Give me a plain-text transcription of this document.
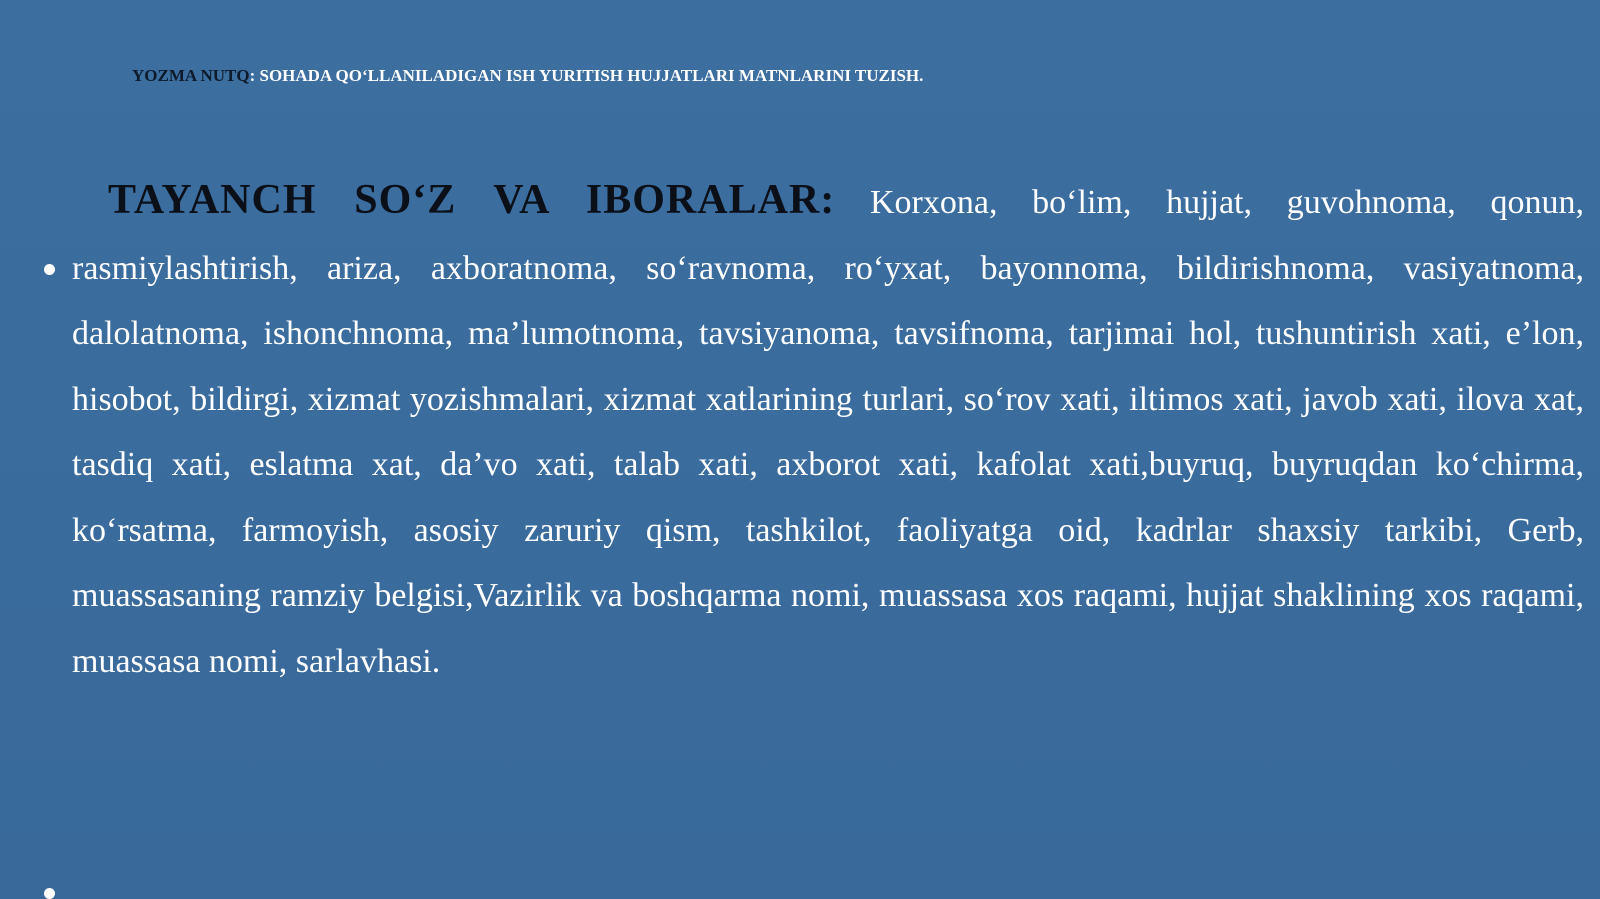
YOZMA NUTQ: SOHADA QO‘LLANILADIGAN ISH YURITISH HUJJATLARI MATNLARINI TUZISH.
TAYANCH SO‘Z VA IBORALAR: Korxona, bo‘lim, hujjat, guvohnoma, qonun, rasmiylashtirish, ariza, axboratnoma, so‘ravnoma, ro‘yxat, bayonnoma, bildirishnoma, vasiyatnoma, dalolatnoma, ishonchnoma, ma’lumotnoma, tavsiyanoma, tavsifnoma, tarjimai hol, tushuntirish xati, e’lon, hisobot, bildirgi, xizmat yozishmalari, xizmat xatlarining turlari, so‘rov xati, iltimos xati, javob xati, ilova xat, tasdiq xati, eslatma xat, da’vo xati, talab xati, axborot xati, kafolat xati,buyruq, buyruqdan ko‘chirma, ko‘rsatma, farmoyish, asosiy zaruriy qism, tashkilot, faoliyatga oid, kadrlar shaxsiy tarkibi, Gerb, muassasaning ramziy belgisi,Vazirlik va boshqarma nomi, muassasa xos raqami, hujjat shaklining xos raqami, muassasa nomi, sarlavhasi.
